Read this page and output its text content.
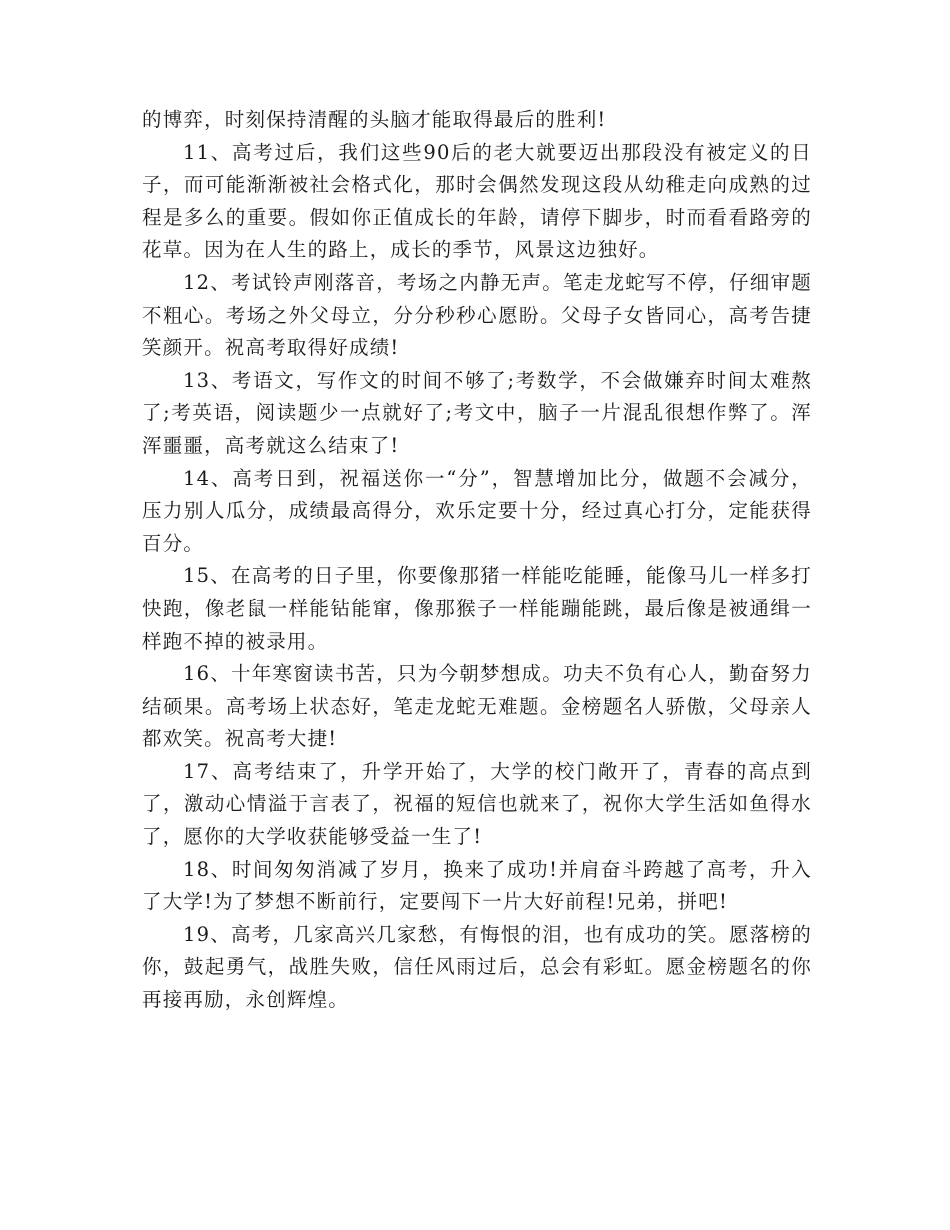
的博弈，时刻保持清醒的头脑才能取得最后的胜利!

11、高考过后，我们这些90后的老大就要迈出那段没有被定义的日子，而可能渐渐被社会格式化，那时会偶然发现这段从幼稚走向成熟的过程是多么的重要。假如你正值成长的年龄，请停下脚步，时而看看路旁的花草。因为在人生的路上，成长的季节，风景这边独好。

12、考试铃声刚落音，考场之内静无声。笔走龙蛇写不停，仔细审题不粗心。考场之外父母立，分分秒秒心愿盼。父母子女皆同心，高考告捷笑颜开。祝高考取得好成绩!

13、考语文，写作文的时间不够了;考数学，不会做嫌弃时间太难熬了;考英语，阅读题少一点就好了;考文中，脑子一片混乱很想作弊了。浑浑噩噩，高考就这么结束了!

14、高考日到，祝福送你一“分”，智慧增加比分，做题不会减分，压力别人瓜分，成绩最高得分，欢乐定要十分，经过真心打分，定能获得百分。

15、在高考的日子里，你要像那猪一样能吃能睡，能像马儿一样多打快跑，像老鼠一样能钻能窜，像那猴子一样能蹦能跳，最后像是被通缉一样跑不掉的被录用。

16、十年寒窗读书苦，只为今朝梦想成。功夫不负有心人，勤奋努力结硕果。高考场上状态好，笔走龙蛇无难题。金榜题名人骄傲，父母亲人都欢笑。祝高考大捷!

17、高考结束了，升学开始了，大学的校门敞开了，青春的高点到了，激动心情溢于言表了，祝福的短信也就来了，祝你大学生活如鱼得水了，愿你的大学收获能够受益一生了!

18、时间匆匆消减了岁月，换来了成功!并肩奋斗跨越了高考，升入了大学!为了梦想不断前行，定要闯下一片大好前程!兄弟，拼吧!

19、高考，几家高兴几家愁，有悔恨的泪，也有成功的笑。愿落榜的你，鼓起勇气，战胜失败，信任风雨过后，总会有彩虹。愿金榜题名的你再接再励，永创辉煌。
